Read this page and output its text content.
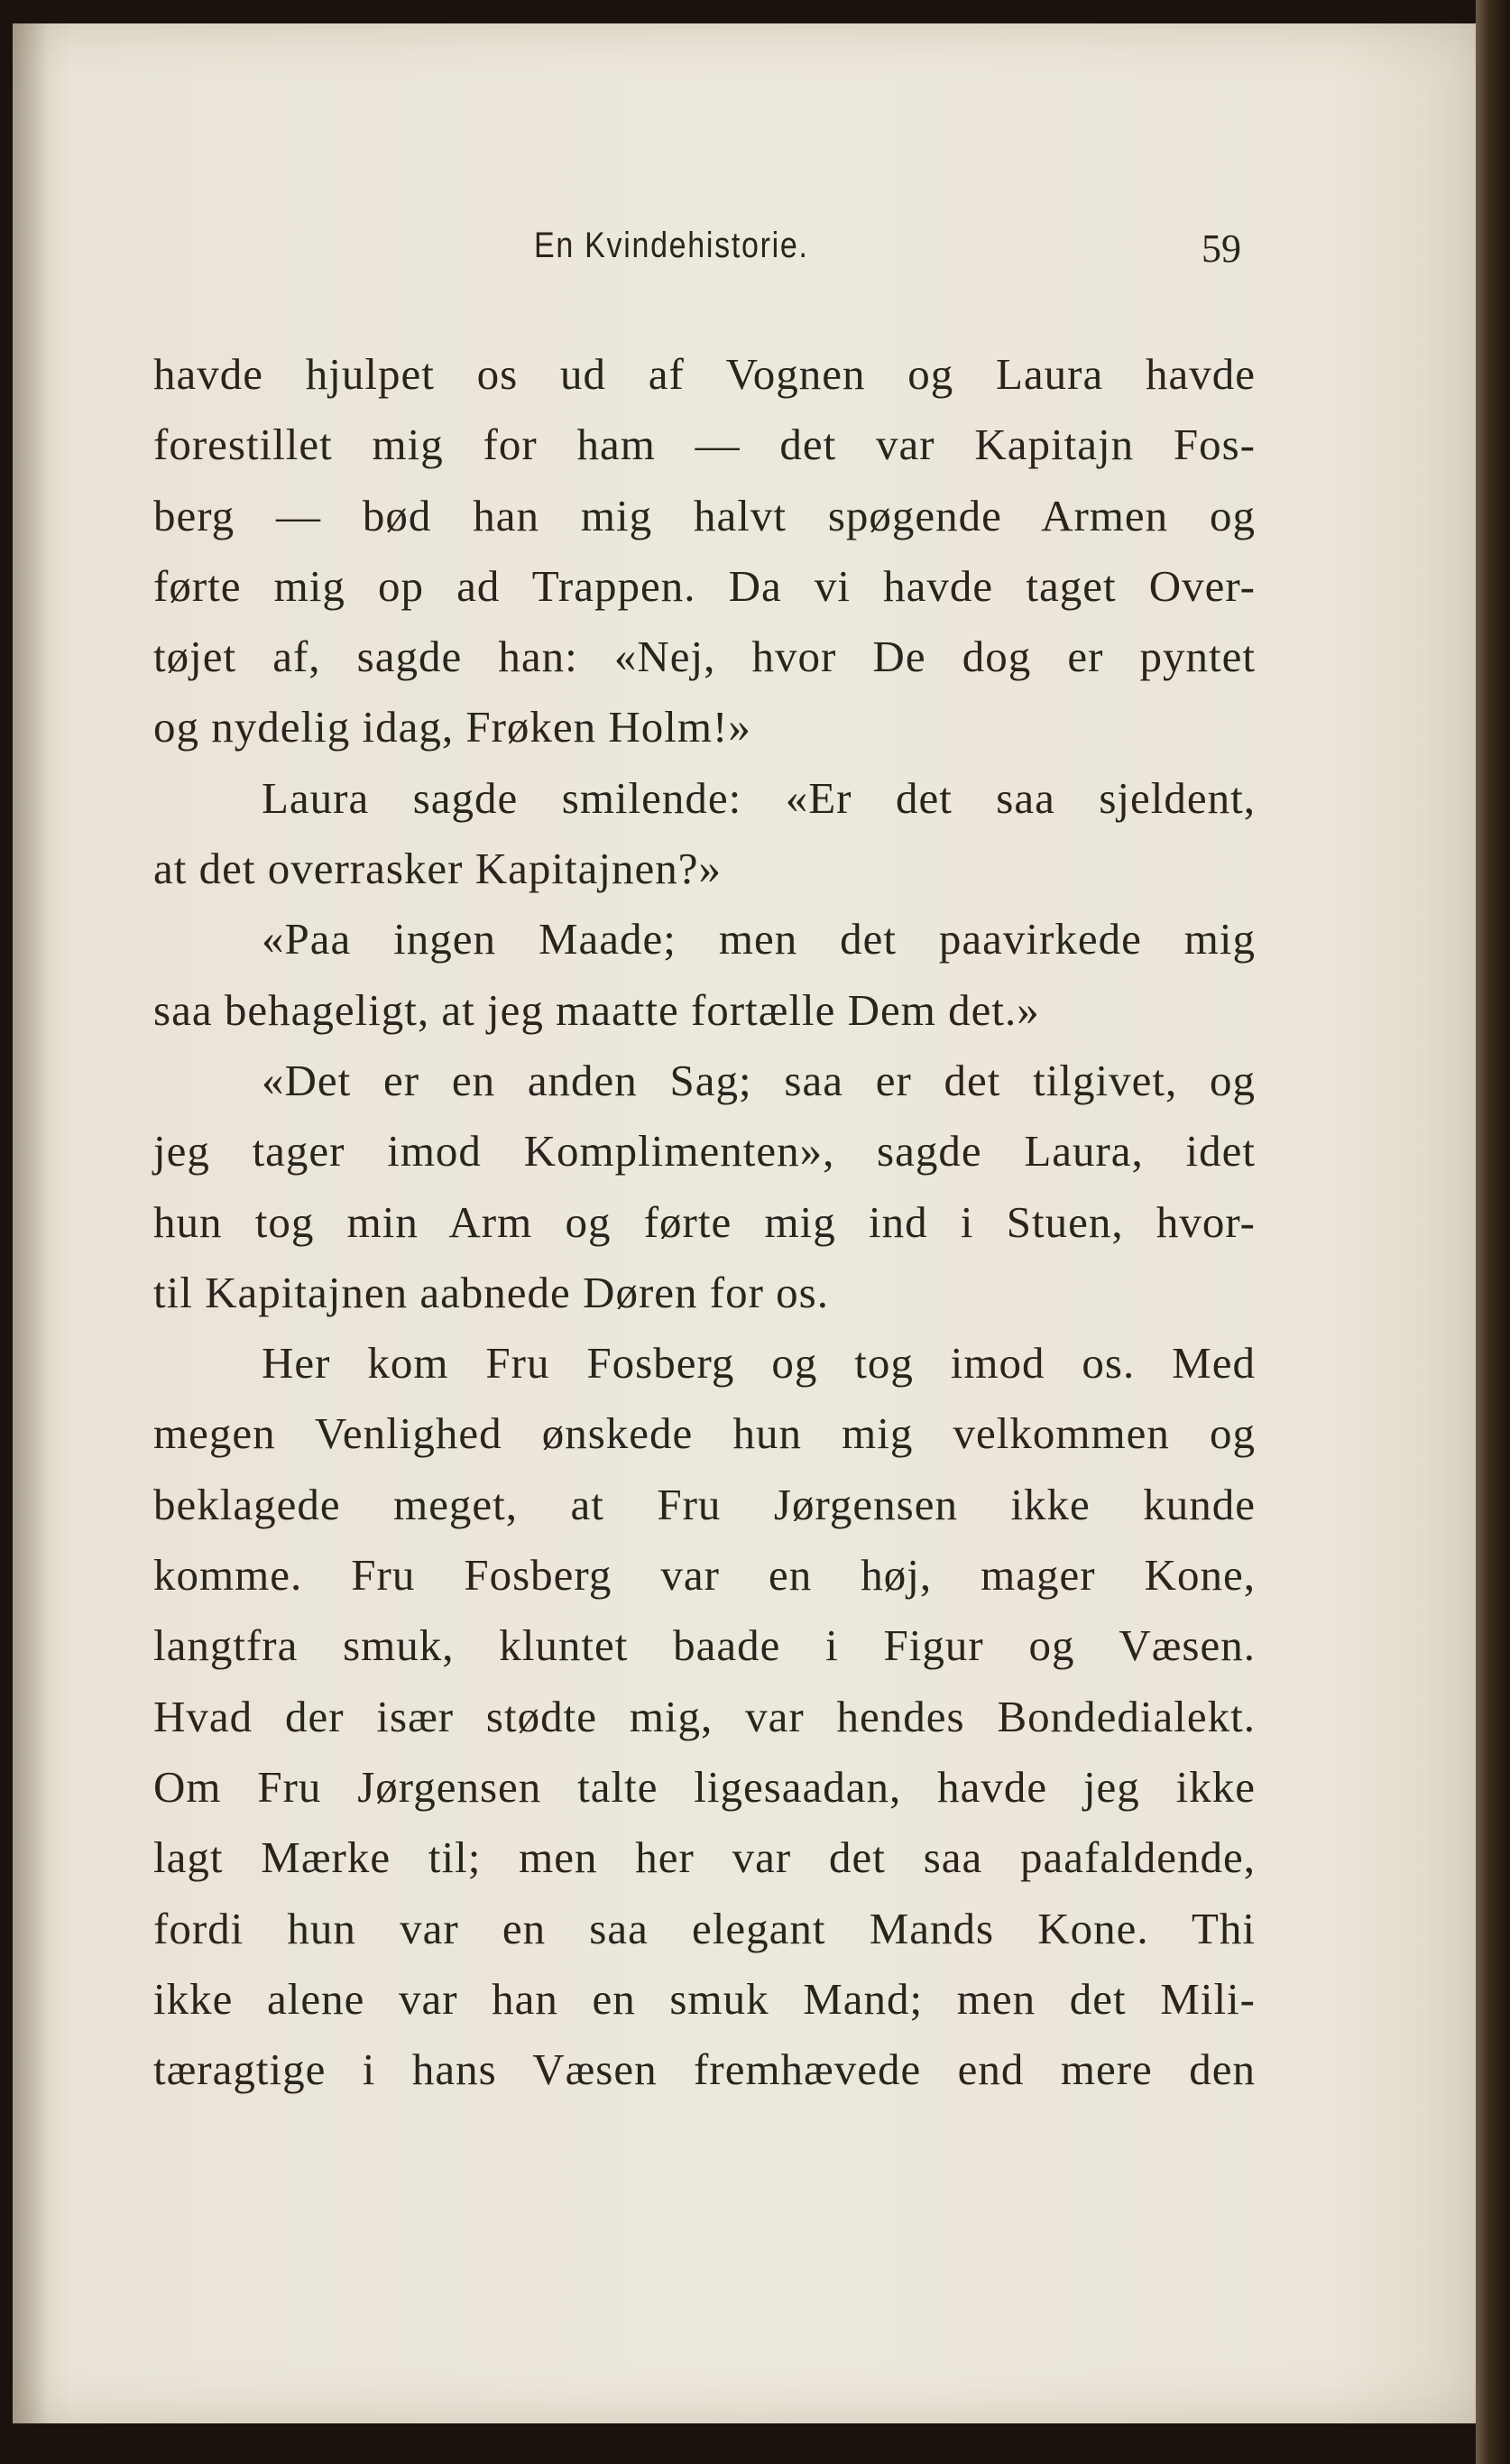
En Kvindehistorie.	59
havde hjulpet os ud af Vognen og Laura havde
forestillet mig for ham — det var Kapitajn Fos-
berg — bød han mig halvt spøgende Armen og
førte mig op ad Trappen. Da vi havde taget Over-
tøjet af, sagde han: «Nej, hvor De dog er pyntet
og nydelig idag, Frøken Holm!»
Laura sagde smilende: «Er det saa sjeldent,
at det overrasker Kapitajnen?»
«Paa ingen Maade; men det paavirkede mig
saa behageligt, at jeg maatte fortælle Dem det.»
«Det er en anden Sag; saa er det tilgivet, og
jeg tager imod Komplimenten», sagde Laura, idet
hun tog min Arm og førte mig ind i Stuen, hvor-
til Kapitajnen aabnede Døren for os.
Her kom Fru Fosberg og tog imod os. Med
megen Venlighed ønskede hun mig velkommen og
beklagede meget, at Fru Jørgensen ikke kunde
komme. Fru Fosberg var en høj, mager Kone,
langtfra smuk, kluntet baade i Figur og Væsen.
Hvad der især stødte mig, var hendes Bondedialekt.
Om Fru Jørgensen talte ligesaadan, havde jeg ikke
lagt Mærke til; men her var det saa paafaldende,
fordi hun var en saa elegant Mands Kone. Thi
ikke alene var han en smuk Mand; men det Mili-
tæragtige i hans Væsen fremhævede end mere den
